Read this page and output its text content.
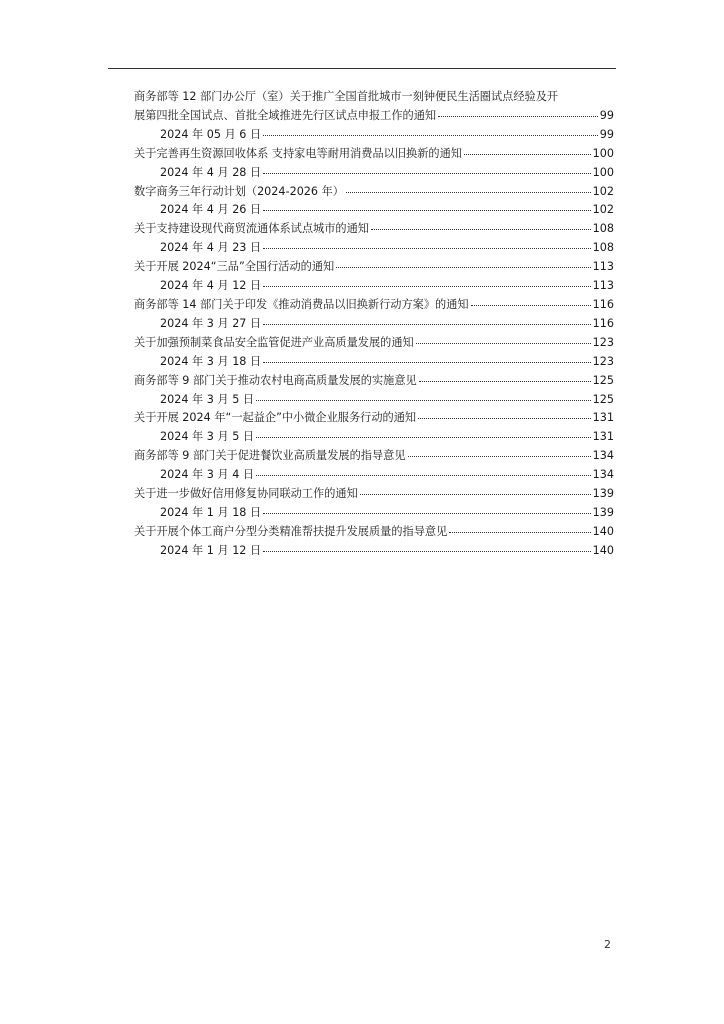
商务部等 12 部门办公厅（室）关于推广全国首批城市一刻钟便民生活圈试点经验及开
展第四批全国试点、首批全域推进先行区试点申报工作的通知	99
2024 年 05 月 6 日	99
关于完善再生资源回收体系 支持家电等耐用消费品以旧换新的通知	100
2024 年 4 月 28 日	100
数字商务三年行动计划（2024-2026 年）	102
2024 年 4 月 26 日	102
关于支持建设现代商贸流通体系试点城市的通知	108
2024 年 4 月 23 日	108
关于开展 2024“三品”全国行活动的通知	113
2024 年 4 月 12 日	113
商务部等 14 部门关于印发《推动消费品以旧换新行动方案》的通知	116
2024 年 3 月 27 日	116
关于加强预制菜食品安全监管促进产业高质量发展的通知	123
2024 年 3 月 18 日	123
商务部等 9 部门关于推动农村电商高质量发展的实施意见	125
2024 年 3 月 5 日	125
关于开展 2024 年“一起益企”中小微企业服务行动的通知	131
2024 年 3 月 5 日	131
商务部等 9 部门关于促进餐饮业高质量发展的指导意见	134
2024 年 3 月 4 日	134
关于进一步做好信用修复协同联动工作的通知	139
2024 年 1 月 18 日	139
关于开展个体工商户分型分类精准帮扶提升发展质量的指导意见	140
2024 年 1 月 12 日	140
2
